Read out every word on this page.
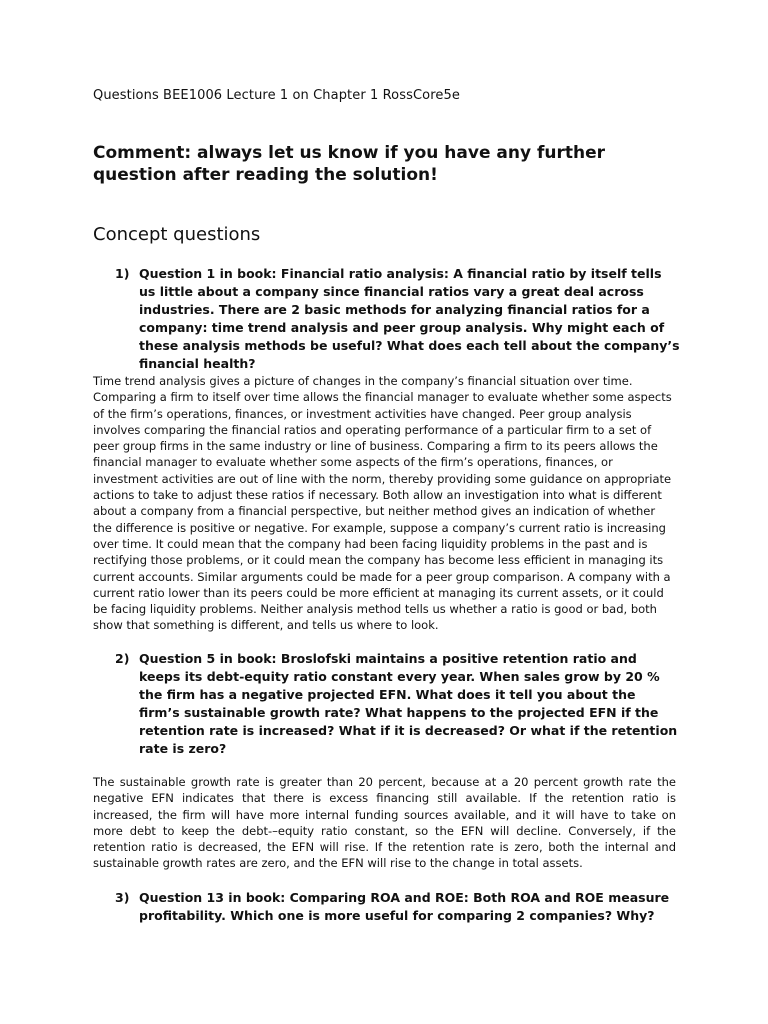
Questions BEE1006 Lecture 1 on Chapter 1 RossCore5e
Comment: always let us know if you have any further question after reading the solution!
Concept questions
1) Question 1 in book: Financial ratio analysis: A financial ratio by itself tells us little about a company since financial ratios vary a great deal across industries. There are 2 basic methods for analyzing financial ratios for a company: time trend analysis and peer group analysis. Why might each of these analysis methods be useful? What does each tell about the company’s financial health?
Time trend analysis gives a picture of changes in the company’s financial situation over time. Comparing a firm to itself over time allows the financial manager to evaluate whether some aspects of the firm’s operations, finances, or investment activities have changed. Peer group analysis involves comparing the financial ratios and operating performance of a particular firm to a set of peer group firms in the same industry or line of business. Comparing a firm to its peers allows the financial manager to evaluate whether some aspects of the firm’s operations, finances, or investment activities are out of line with the norm, thereby providing some guidance on appropriate actions to take to adjust these ratios if necessary. Both allow an investigation into what is different about a company from a financial perspective, but neither method gives an indication of whether the difference is positive or negative. For example, suppose a company’s current ratio is increasing over time. It could mean that the company had been facing liquidity problems in the past and is rectifying those problems, or it could mean the company has become less efficient in managing its current accounts. Similar arguments could be made for a peer group comparison. A company with a current ratio lower than its peers could be more efficient at managing its current assets, or it could be facing liquidity problems. Neither analysis method tells us whether a ratio is good or bad, both show that something is different, and tells us where to look.
2) Question 5 in book: Broslofski maintains a positive retention ratio and keeps its debt-equity ratio constant every year. When sales grow by 20 % the firm has a negative projected EFN. What does it tell you about the firm’s sustainable growth rate? What happens to the projected EFN if the retention rate is increased? What if it is decreased? Or what if the retention rate is zero?
The sustainable growth rate is greater than 20 percent, because at a 20 percent growth rate the negative EFN indicates that there is excess financing still available. If the retention ratio is increased, the firm will have more internal funding sources available, and it will have to take on more debt to keep the debt-–equity ratio constant, so the EFN will decline. Conversely, if the retention ratio is decreased, the EFN will rise. If the retention rate is zero, both the internal and sustainable growth rates are zero, and the EFN will rise to the change in total assets.
3) Question 13 in book: Comparing ROA and ROE: Both ROA and ROE measure profitability. Which one is more useful for comparing 2 companies? Why?
